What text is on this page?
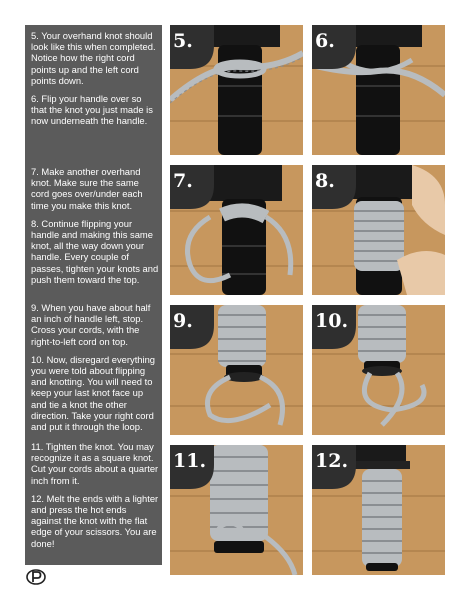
5. Your overhand knot should look like this when completed. Notice how the right cord points up and the left cord points down.

6. Flip your handle over so that the knot you just made is now underneath the handle.

7. Make another overhand knot. Make sure the same cord goes over/under each time you make this knot.

8. Continue flipping your handle and making this same knot, all the way down your handle. Every couple of passes, tighten your knots and push them toward the top.

9. When you have about half an inch of handle left, stop. Cross your cords, with the right-to-left cord on top.

10. Now, disregard everything you were told about flipping and knotting. You will need to keep your last knot face up and tie a knot the other direction. Take your right cord and put it through the loop.

11. Tighten the knot. You may recognize it as a square knot. Cut your cords about a quarter inch from it.

12. Melt the ends with a lighter and press the hot ends against the knot with the flat edge of your scissors. You are done!

5.	6.
7.	8.
9.	10.
11.	12.
